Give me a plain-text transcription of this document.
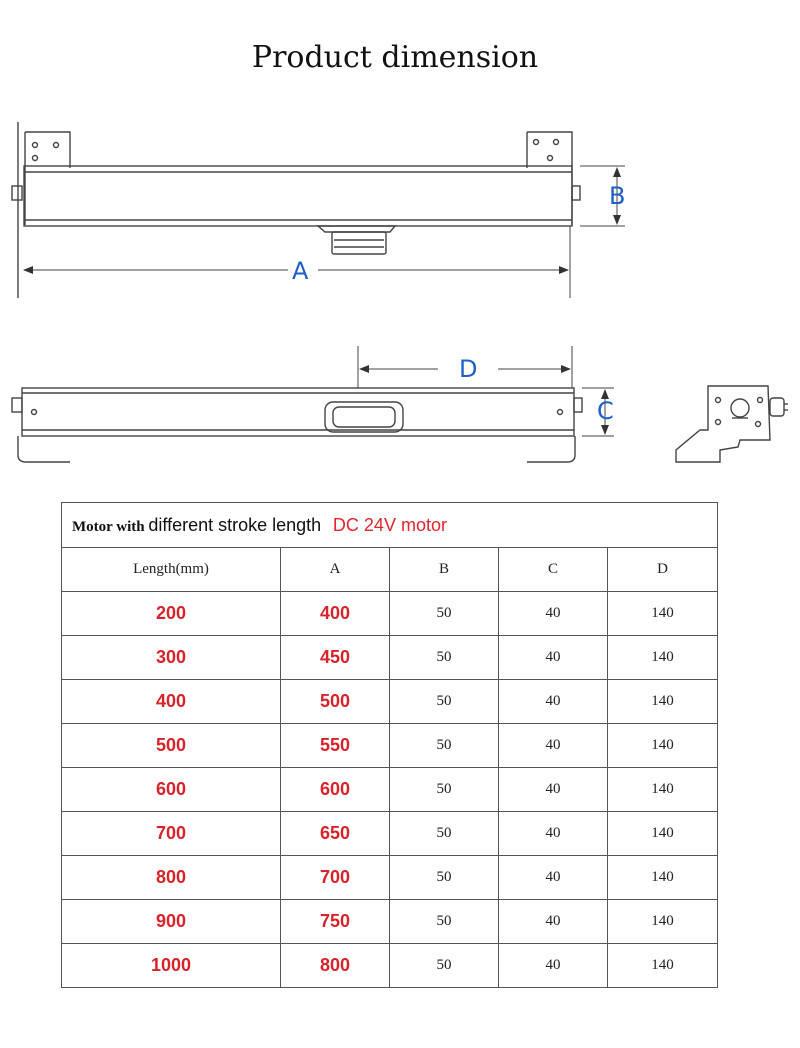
Product dimension
B
A
D
C
Motor with different stroke length DC 24V motor				
Length(mm)	A	B	C	D
200	400	50	40	140
300	450	50	40	140
400	500	50	40	140
500	550	50	40	140
600	600	50	40	140
700	650	50	40	140
800	700	50	40	140
900	750	50	40	140
1000	800	50	40	140
